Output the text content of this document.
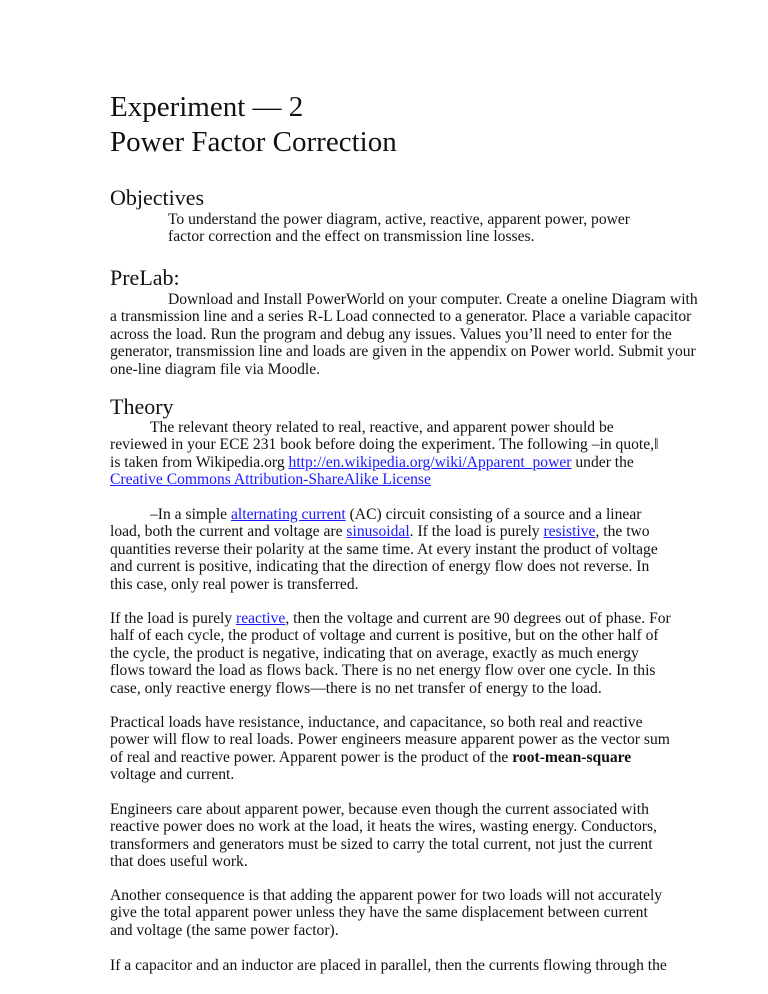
Experiment — 2
Power Factor Correction
Objectives
To understand the power diagram, active, reactive, apparent power, power
factor correction and the effect on transmission line losses.
PreLab:
Download and Install PowerWorld on your computer. Create a oneline Diagram with
a transmission line and a series R-L Load connected to a generator. Place a variable capacitor
across the load. Run the program and debug any issues. Values you’ll need to enter for the
generator, transmission line and loads are given in the appendix on Power world. Submit your
one-line diagram file via Moodle.
Theory
The relevant theory related to real, reactive, and apparent power should be
reviewed in your ECE 231 book before doing the experiment. The following –in quote,‖
is taken from Wikipedia.org http://en.wikipedia.org/wiki/Apparent_power under the
Creative Commons Attribution-ShareAlike License
–In a simple alternating current (AC) circuit consisting of a source and a linear
load, both the current and voltage are sinusoidal. If the load is purely resistive, the two
quantities reverse their polarity at the same time. At every instant the product of voltage
and current is positive, indicating that the direction of energy flow does not reverse. In
this case, only real power is transferred.
If the load is purely reactive, then the voltage and current are 90 degrees out of phase. For
half of each cycle, the product of voltage and current is positive, but on the other half of
the cycle, the product is negative, indicating that on average, exactly as much energy
flows toward the load as flows back. There is no net energy flow over one cycle. In this
case, only reactive energy flows—there is no net transfer of energy to the load.
Practical loads have resistance, inductance, and capacitance, so both real and reactive
power will flow to real loads. Power engineers measure apparent power as the vector sum
of real and reactive power. Apparent power is the product of the root-mean-square
voltage and current.
Engineers care about apparent power, because even though the current associated with
reactive power does no work at the load, it heats the wires, wasting energy. Conductors,
transformers and generators must be sized to carry the total current, not just the current
that does useful work.
Another consequence is that adding the apparent power for two loads will not accurately
give the total apparent power unless they have the same displacement between current
and voltage (the same power factor).
If a capacitor and an inductor are placed in parallel, then the currents flowing through the
